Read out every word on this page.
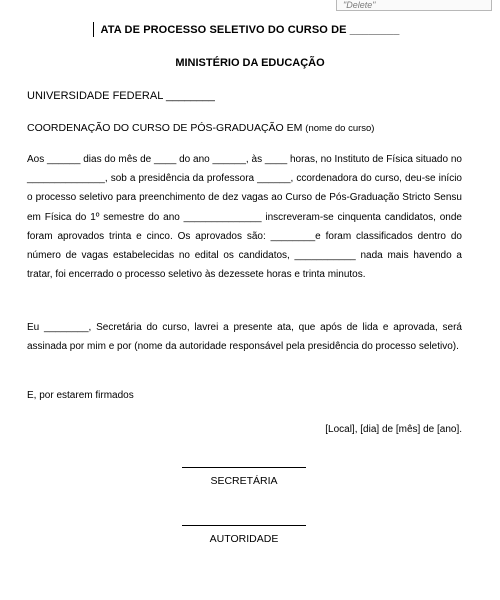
"Delete"
ATA DE PROCESSO SELETIVO DO CURSO DE ________
MINISTÉRIO DA EDUCAÇÃO
UNIVERSIDADE FEDERAL ________
COORDENAÇÃO DO CURSO DE PÓS-GRADUAÇÃO EM (nome do curso)
Aos ______ dias do mês de ____ do ano ______, às ____ horas, no Instituto de Física situado no ______________, sob a presidência da professora ______, ccordenadora do curso, deu-se início o processo seletivo para preenchimento de dez vagas ao Curso de Pós-Graduação Stricto Sensu em Física do 1º semestre do ano ______________ inscreveram-se cinquenta candidatos, onde foram aprovados trinta e cinco. Os aprovados são: ________e foram classificados dentro do número de vagas estabelecidas no edital os candidatos, ___________ nada mais havendo a tratar, foi encerrado o processo seletivo às dezessete horas e trinta minutos.
Eu ________, Secretária do curso, lavrei a presente ata, que após de lida e aprovada, será assinada por mim e por (nome da autoridade responsável pela presidência do processo seletivo).
E, por estarem firmados
[Local], [dia] de [mês] de [ano].
SECRETÁRIA
AUTORIDADE
